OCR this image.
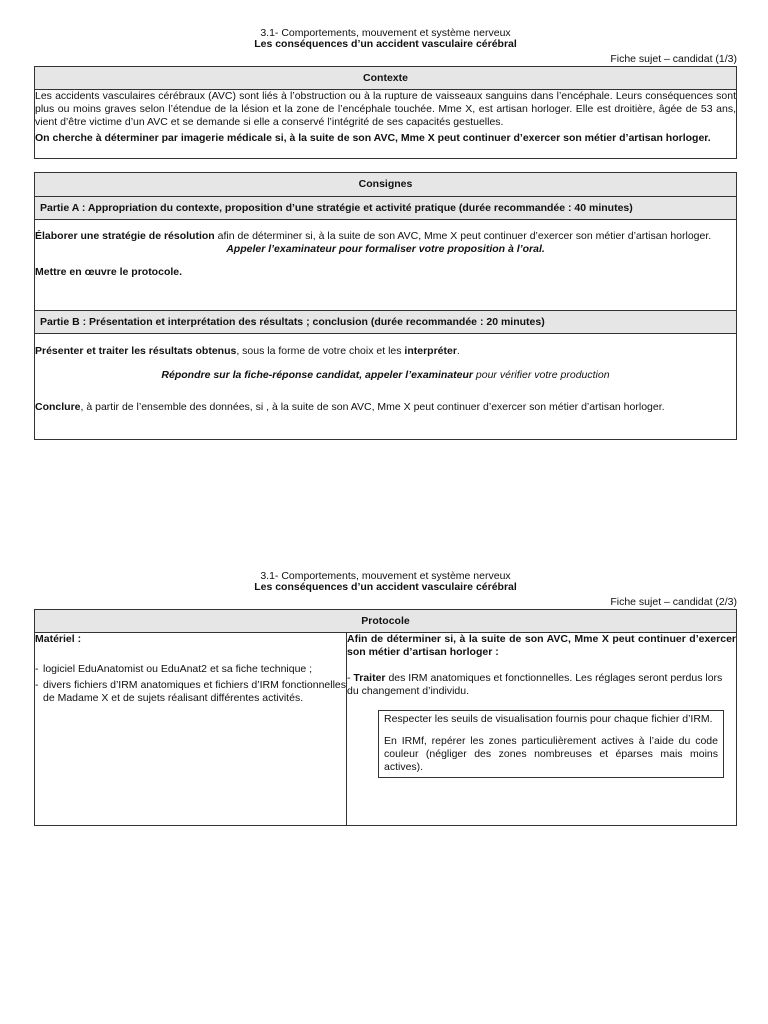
3.1- Comportements, mouvement et système nerveux
Les conséquences d’un accident vasculaire cérébral
Fiche sujet – candidat (1/3)
Contexte

Les accidents vasculaires cérébraux (AVC) sont liés à l’obstruction ou à la rupture de vaisseaux sanguins dans l’encéphale. Leurs conséquences sont plus ou moins graves selon l’étendue de la lésion et la zone de l’encéphale touchée. Mme X, est artisan horloger. Elle est droitière, âgée de 53 ans, vient d’être victime d’un AVC et se demande si elle a conservé l’intégrité de ses capacités gestuelles.
On cherche à déterminer par imagerie médicale si, à la suite de son AVC, Mme X peut continuer d’exercer son métier d’artisan horloger.
Consignes
Partie A : Appropriation du contexte, proposition d’une stratégie et activité pratique (durée recommandée : 40 minutes)

Élaborer une stratégie de résolution afin de déterminer si, à la suite de son AVC, Mme X peut continuer d’exercer son métier d’artisan horloger.
Appeler l’examinateur pour formaliser votre proposition à l’oral.
Mettre en œuvre le protocole.

Partie B : Présentation et interprétation des résultats ; conclusion (durée recommandée : 20 minutes)

Présenter et traiter les résultats obtenus, sous la forme de votre choix et les interpréter.
Répondre sur la fiche-réponse candidat, appeler l’examinateur pour vérifier votre production
Conclure, à partir de l’ensemble des données, si , à la suite de son AVC, Mme X peut continuer d’exercer son métier d’artisan horloger.
3.1- Comportements, mouvement et système nerveux
Les conséquences d’un accident vasculaire cérébral
Fiche sujet – candidat (2/3)
Protocole

Matériel :
- logiciel EduAnatomist ou EduAnat2 et sa fiche technique ;
- divers fichiers d’IRM anatomiques et fichiers d’IRM fonctionnelles de Madame X et de sujets réalisant différentes activités.

Afin de déterminer si, à la suite de son AVC, Mme X peut continuer d’exercer son métier d’artisan horloger :
- Traiter des IRM anatomiques et fonctionnelles. Les réglages seront perdus lors du changement d’individu.
Respecter les seuils de visualisation fournis pour chaque fichier d’IRM.
En IRMf, repérer les zones particulièrement actives à l’aide du code couleur (négliger des zones nombreuses et éparses mais moins actives).
